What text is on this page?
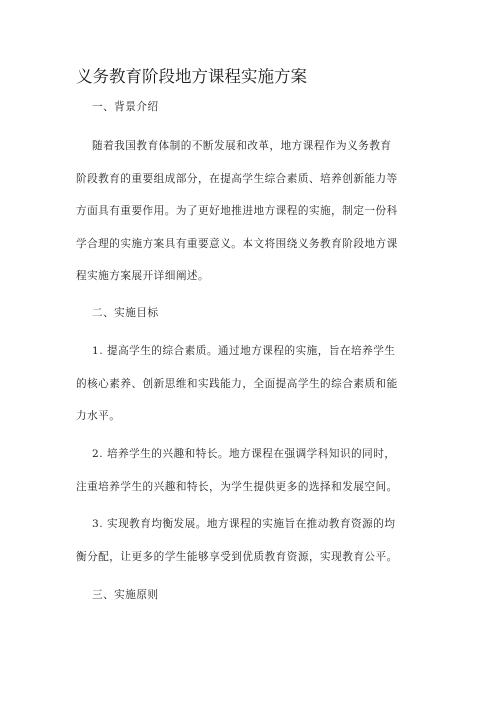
义务教育阶段地方课程实施方案
一、背景介绍
随着我国教育体制的不断发展和改革，地方课程作为义务教育
阶段教育的重要组成部分，在提高学生综合素质、培养创新能力等
方面具有重要作用。为了更好地推进地方课程的实施，制定一份科
学合理的实施方案具有重要意义。本文将围绕义务教育阶段地方课
程实施方案展开详细阐述。
二、实施目标
1. 提高学生的综合素质。通过地方课程的实施，旨在培养学生
的核心素养、创新思维和实践能力，全面提高学生的综合素质和能
力水平。
2. 培养学生的兴趣和特长。地方课程在强调学科知识的同时，
注重培养学生的兴趣和特长，为学生提供更多的选择和发展空间。
3. 实现教育均衡发展。地方课程的实施旨在推动教育资源的均
衡分配，让更多的学生能够享受到优质教育资源，实现教育公平。
三、实施原则
